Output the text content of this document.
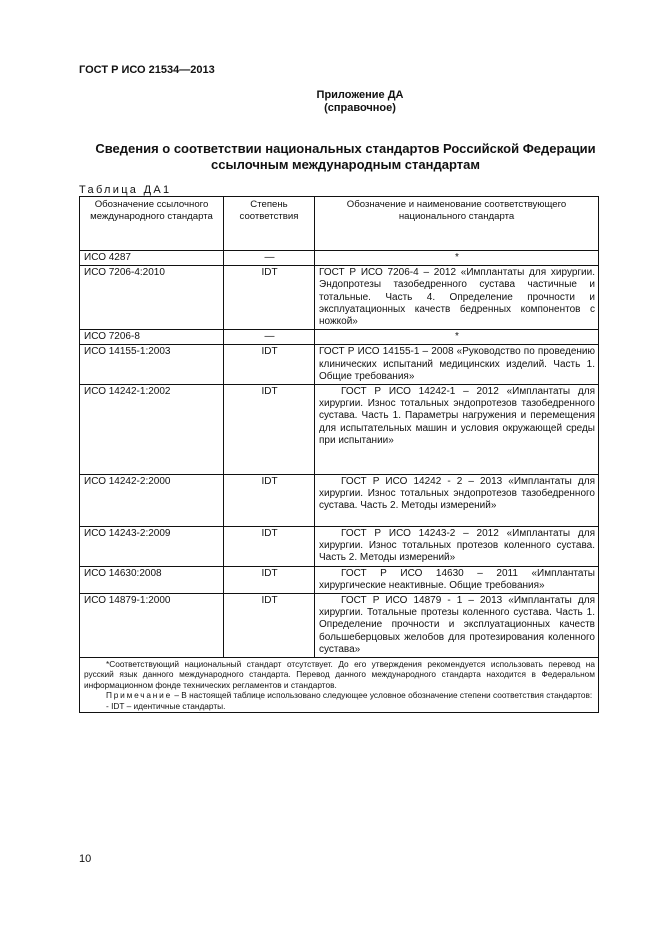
ГОСТ Р ИСО 21534—2013
Приложение ДА
(справочное)
Сведения о соответствии национальных стандартов Российской Федерации
ссылочным международным стандартам
Таблица ДА1
Обозначение ссылочного международного стандарта	Степень соответствия	Обозначение и наименование соответствующего национального стандарта
ИСО 4287	—	*
ИСО 7206-4:2010	IDT	ГОСТ Р ИСО 7206-4 – 2012 «Имплантаты для хирургии. Эндопротезы тазобедренного сустава частичные и тотальные. Часть 4. Определение прочности и эксплуатационных качеств бедренных компонентов с ножкой»
ИСО 7206-8	—	*
ИСО 14155-1:2003	IDT	ГОСТ Р ИСО 14155-1 – 2008 «Руководство по проведению клинических испытаний медицинских изделий. Часть 1. Общие требования»
ИСО 14242-1:2002	IDT	ГОСТ Р ИСО 14242-1 – 2012 «Имплантаты для хирургии. Износ тотальных эндопротезов тазобедренного сустава. Часть 1. Параметры нагружения и перемещения для испытательных машин и условия окружающей среды при испытании»
ИСО 14242-2:2000	IDT	ГОСТ Р ИСО 14242 - 2 – 2013 «Имплантаты для хирургии. Износ тотальных эндопротезов тазобедренного сустава. Часть 2. Методы измерений»
ИСО 14243-2:2009	IDT	ГОСТ Р ИСО 14243-2 – 2012 «Имплантаты для хирургии. Износ тотальных протезов коленного сустава. Часть 2. Методы измерений»
ИСО 14630:2008	IDT	ГОСТ Р ИСО 14630 – 2011 «Имплантаты хирургические неактивные. Общие требования»
ИСО 14879-1:2000	IDT	ГОСТ Р ИСО 14879 - 1 – 2013 «Имплантаты для хирургии. Тотальные протезы коленного сустава. Часть 1. Определение прочности и эксплуатационных качеств большеберцовых желобов для протезирования коленного сустава»

*Соответствующий национальный стандарт отсутствует. До его утверждения рекомендуется использовать перевод на русский язык данного международного стандарта. Перевод данного международного стандарта находится в Федеральном информационном фонде технических регламентов и стандартов.
Примечание – В настоящей таблице использовано следующее условное обозначение степени соответствия стандартов:
- IDT – идентичные стандарты.		
10
